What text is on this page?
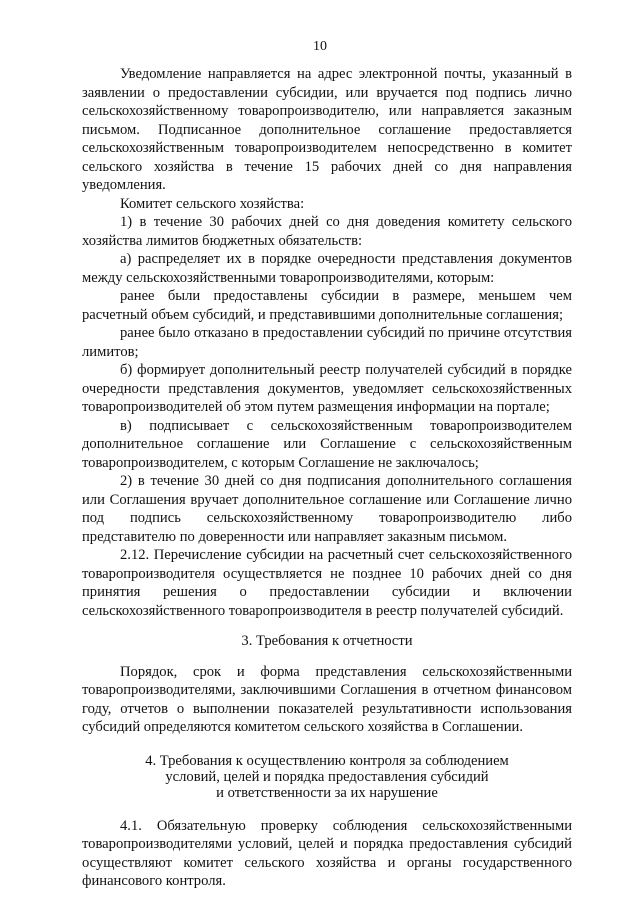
10

Уведомление направляется на адрес электронной почты, указанный в заявлении о предоставлении субсидии, или вручается под подпись лично сельскохозяйственному товаропроизводителю, или направляется заказным письмом. Подписанное дополнительное соглашение предоставляется сельскохозяйственным товаропроизводителем непосредственно в комитет сельского хозяйства в течение 15 рабочих дней со дня направления уведомления.

Комитет сельского хозяйства:

1) в течение 30 рабочих дней со дня доведения комитету сельского хозяйства лимитов бюджетных обязательств:

а) распределяет их в порядке очередности представления документов между сельскохозяйственными товаропроизводителями, которым:

ранее были предоставлены субсидии в размере, меньшем чем расчетный объем субсидий, и представившими дополнительные соглашения;

ранее было отказано в предоставлении субсидий по причине отсутствия лимитов;

б) формирует дополнительный реестр получателей субсидий в порядке очередности представления документов, уведомляет сельскохозяйственных товаропроизводителей об этом путем размещения информации на портале;

в) подписывает с сельскохозяйственным товаропроизводителем дополнительное соглашение или Соглашение с сельскохозяйственным товаропроизводителем, с которым Соглашение не заключалось;

2) в течение 30 дней со дня подписания дополнительного соглашения или Соглашения вручает дополнительное соглашение или Соглашение лично под подпись сельскохозяйственному товаропроизводителю либо представителю по доверенности или направляет заказным письмом.

2.12. Перечисление субсидии на расчетный счет сельскохозяйственного товаропроизводителя осуществляется не позднее 10 рабочих дней со дня принятия решения о предоставлении субсидии и включении сельскохозяйственного товаропроизводителя в реестр получателей субсидий.

3. Требования к отчетности

Порядок, срок и форма представления сельскохозяйственными товаропроизводителями, заключившими Соглашения в отчетном финансовом году, отчетов о выполнении показателей результативности использования субсидий определяются комитетом сельского хозяйства в Соглашении.

4. Требования к осуществлению контроля за соблюдением
условий, целей и порядка предоставления субсидий
и ответственности за их нарушение

4.1. Обязательную проверку соблюдения сельскохозяйственными товаропроизводителями условий, целей и порядка предоставления субсидий осуществляют комитет сельского хозяйства и органы государственного финансового контроля.
